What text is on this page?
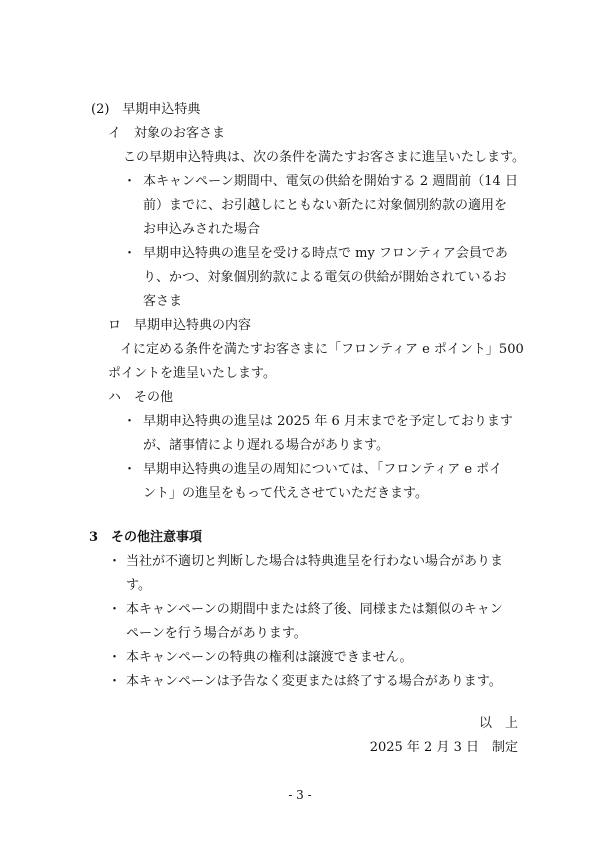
(2)　早期申込特典
イ　対象のお客さま
この早期申込特典は、次の条件を満たすお客さまに進呈いたします。
・ 本キャンペーン期間中、電気の供給を開始する 2 週間前（14 日
前）までに、お引越しにともない新たに対象個別約款の適用を
お申込みされた場合
・ 早期申込特典の進呈を受ける時点で my フロンティア会員であ
り、かつ、対象個別約款による電気の供給が開始されているお
客さま
ロ　早期申込特典の内容
イに定める条件を満たすお客さまに「フロンティア e ポイント」500
ポイントを進呈いたします。
ハ　その他
・ 早期申込特典の進呈は 2025 年 6 月末までを予定しております
が、諸事情により遅れる場合があります。
・ 早期申込特典の進呈の周知については、「フロンティア e ポイ
ント」の進呈をもって代えさせていただきます。
3　その他注意事項
・ 当社が不適切と判断した場合は特典進呈を行わない場合がありま
す。
・ 本キャンペーンの期間中または終了後、同様または類似のキャン
ペーンを行う場合があります。
・ 本キャンペーンの特典の権利は譲渡できません。
・ 本キャンペーンは予告なく変更または終了する場合があります。
以　上
2025 年 2 月 3 日　制定
- 3 -
